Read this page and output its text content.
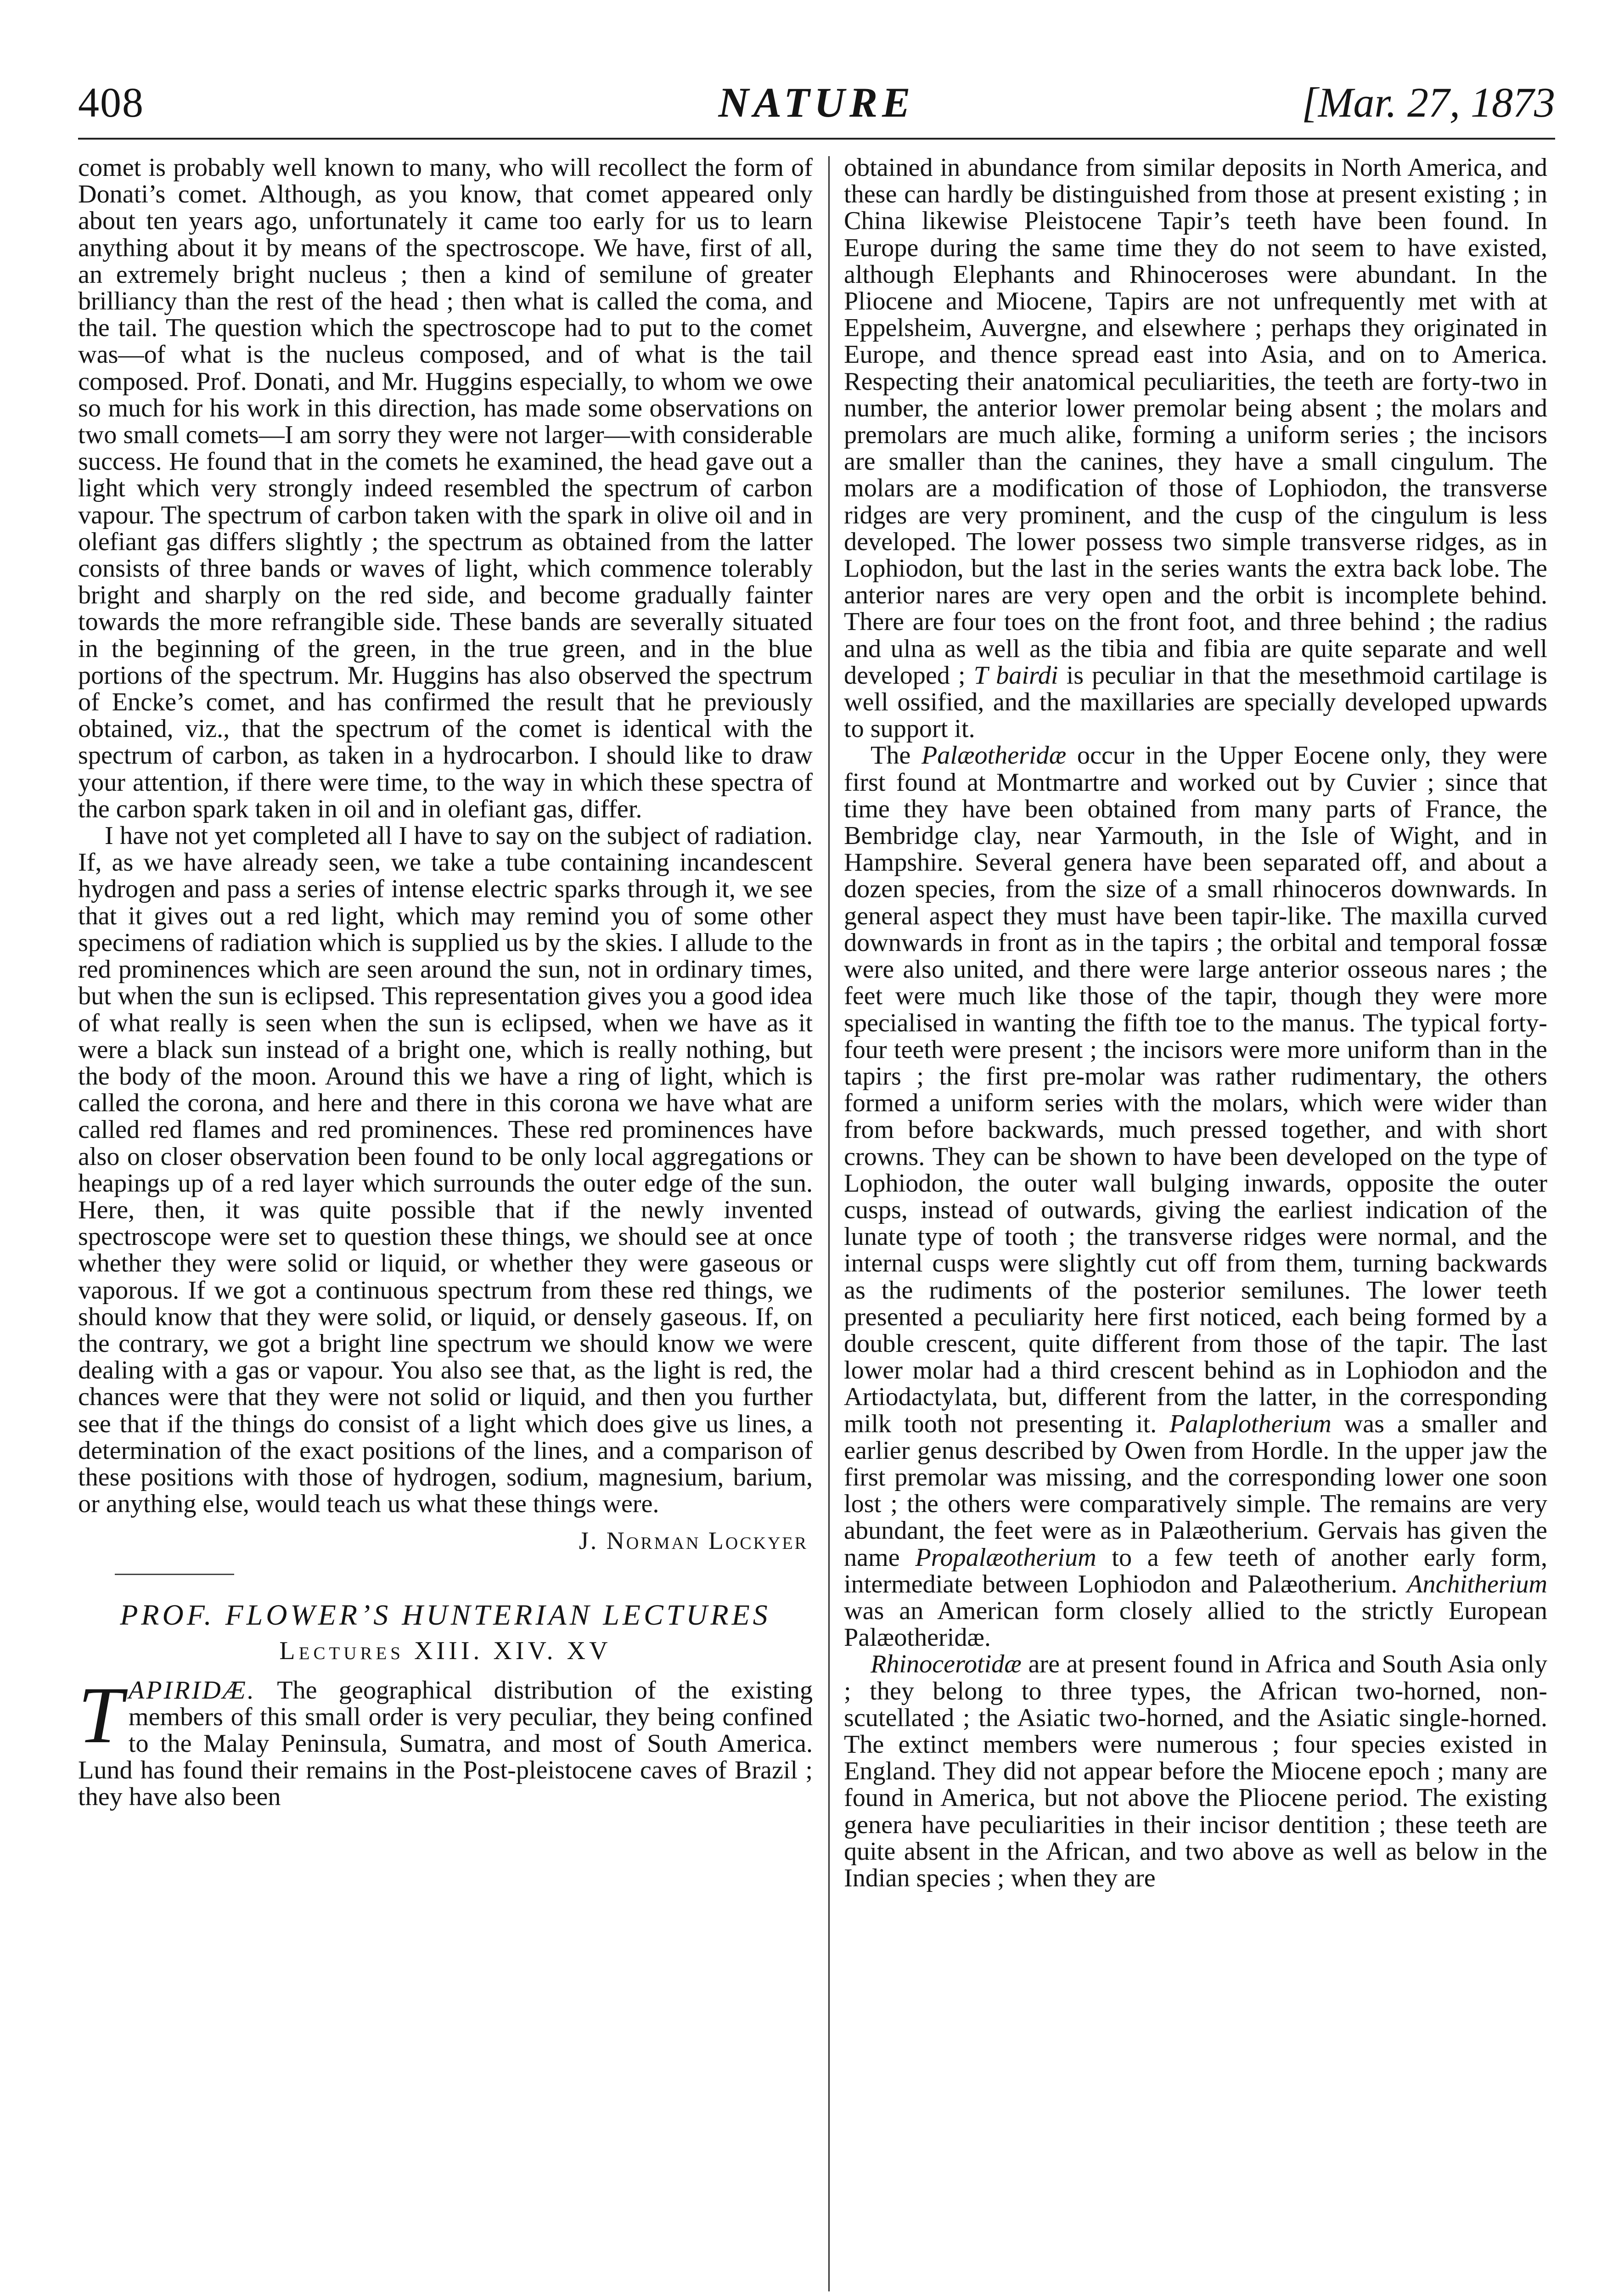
408	NATURE	[Mar. 27, 1873

comet is probably well known to many, who will recollect the form of Donati’s comet. Although, as you know, that comet appeared only about ten years ago, unfortunately it came too early for us to learn anything about it by means of the spectroscope. We have, first of all, an extremely bright nucleus ; then a kind of semilune of greater brilliancy than the rest of the head ; then what is called the coma, and the tail. The question which the spectroscope had to put to the comet was—of what is the nucleus composed, and of what is the tail composed. Prof. Donati, and Mr. Huggins especially, to whom we owe so much for his work in this direction, has made some observations on two small comets—I am sorry they were not larger—with considerable success. He found that in the comets he examined, the head gave out a light which very strongly indeed resembled the spectrum of carbon vapour. The spectrum of carbon taken with the spark in olive oil and in olefiant gas differs slightly ; the spectrum as obtained from the latter consists of three bands or waves of light, which commence tolerably bright and sharply on the red side, and become gradually fainter towards the more refrangible side. These bands are severally situated in the beginning of the green, in the true green, and in the blue portions of the spectrum. Mr. Huggins has also observed the spectrum of Encke’s comet, and has confirmed the result that he previously obtained, viz., that the spectrum of the comet is identical with the spectrum of carbon, as taken in a hydrocarbon. I should like to draw your attention, if there were time, to the way in which these spectra of the carbon spark taken in oil and in olefiant gas, differ.

I have not yet completed all I have to say on the subject of radiation. If, as we have already seen, we take a tube containing incandescent hydrogen and pass a series of intense electric sparks through it, we see that it gives out a red light, which may remind you of some other specimens of radiation which is supplied us by the skies. I allude to the red prominences which are seen around the sun, not in ordinary times, but when the sun is eclipsed. This representation gives you a good idea of what really is seen when the sun is eclipsed, when we have as it were a black sun instead of a bright one, which is really nothing, but the body of the moon. Around this we have a ring of light, which is called the corona, and here and there in this corona we have what are called red flames and red prominences. These red prominences have also on closer observation been found to be only local aggregations or heapings up of a red layer which surrounds the outer edge of the sun. Here, then, it was quite possible that if the newly invented spectroscope were set to question these things, we should see at once whether they were solid or liquid, or whether they were gaseous or vaporous. If we got a continuous spectrum from these red things, we should know that they were solid, or liquid, or densely gaseous. If, on the contrary, we got a bright line spectrum we should know we were dealing with a gas or vapour. You also see that, as the light is red, the chances were that they were not solid or liquid, and then you further see that if the things do consist of a light which does give us lines, a determination of the exact positions of the lines, and a comparison of these positions with those of hydrogen, sodium, magnesium, barium, or anything else, would teach us what these things were.

J. Norman Lockyer
PROF. FLOWER’S HUNTERIAN LECTURES
Lectures XIII. XIV. XV

TAPIRIDÆ. The geographical distribution of the existing members of this small order is very peculiar, they being confined to the Malay Peninsula, Sumatra, and most of South America. Lund has found their remains in the Post-pleistocene caves of Brazil ; they have also been

obtained in abundance from similar deposits in North America, and these can hardly be distinguished from those at present existing ; in China likewise Pleistocene Tapir’s teeth have been found. In Europe during the same time they do not seem to have existed, although Elephants and Rhinoceroses were abundant. In the Pliocene and Miocene, Tapirs are not unfrequently met with at Eppelsheim, Auvergne, and elsewhere ; perhaps they originated in Europe, and thence spread east into Asia, and on to America. Respecting their anatomical peculiarities, the teeth are forty-two in number, the anterior lower premolar being absent ; the molars and premolars are much alike, forming a uniform series ; the incisors are smaller than the canines, they have a small cingulum. The molars are a modification of those of Lophiodon, the transverse ridges are very prominent, and the cusp of the cingulum is less developed. The lower possess two simple transverse ridges, as in Lophiodon, but the last in the series wants the extra back lobe. The anterior nares are very open and the orbit is incomplete behind. There are four toes on the front foot, and three behind ; the radius and ulna as well as the tibia and fibia are quite separate and well developed ; T bairdi is peculiar in that the mesethmoid cartilage is well ossified, and the maxillaries are specially developed upwards to support it.

The Palæotheridæ occur in the Upper Eocene only, they were first found at Montmartre and worked out by Cuvier ; since that time they have been obtained from many parts of France, the Bembridge clay, near Yarmouth, in the Isle of Wight, and in Hampshire. Several genera have been separated off, and about a dozen species, from the size of a small rhinoceros downwards. In general aspect they must have been tapir-like. The maxilla curved downwards in front as in the tapirs ; the orbital and temporal fossæ were also united, and there were large anterior osseous nares ; the feet were much like those of the tapir, though they were more specialised in wanting the fifth toe to the manus. The typical forty-four teeth were present ; the incisors were more uniform than in the tapirs ; the first pre-molar was rather rudimentary, the others formed a uniform series with the molars, which were wider than from before backwards, much pressed together, and with short crowns. They can be shown to have been developed on the type of Lophiodon, the outer wall bulging inwards, opposite the outer cusps, instead of outwards, giving the earliest indication of the lunate type of tooth ; the transverse ridges were normal, and the internal cusps were slightly cut off from them, turning backwards as the rudiments of the posterior semilunes. The lower teeth presented a peculiarity here first noticed, each being formed by a double crescent, quite different from those of the tapir. The last lower molar had a third crescent behind as in Lophiodon and the Artiodactylata, but, different from the latter, in the corresponding milk tooth not presenting it. Palaplotherium was a smaller and earlier genus described by Owen from Hordle. In the upper jaw the first premolar was missing, and the corresponding lower one soon lost ; the others were comparatively simple. The remains are very abundant, the feet were as in Palæotherium. Gervais has given the name Propalæotherium to a few teeth of another early form, intermediate between Lophiodon and Palæotherium. Anchitherium was an American form closely allied to the strictly European Palæotheridæ.

Rhinocerotidæ are at present found in Africa and South Asia only ; they belong to three types, the African two-horned, non-scutellated ; the Asiatic two-horned, and the Asiatic single-horned. The extinct members were numerous ; four species existed in England. They did not appear before the Miocene epoch ; many are found in America, but not above the Pliocene period. The existing genera have peculiarities in their incisor dentition ; these teeth are quite absent in the African, and two above as well as below in the Indian species ; when they are
